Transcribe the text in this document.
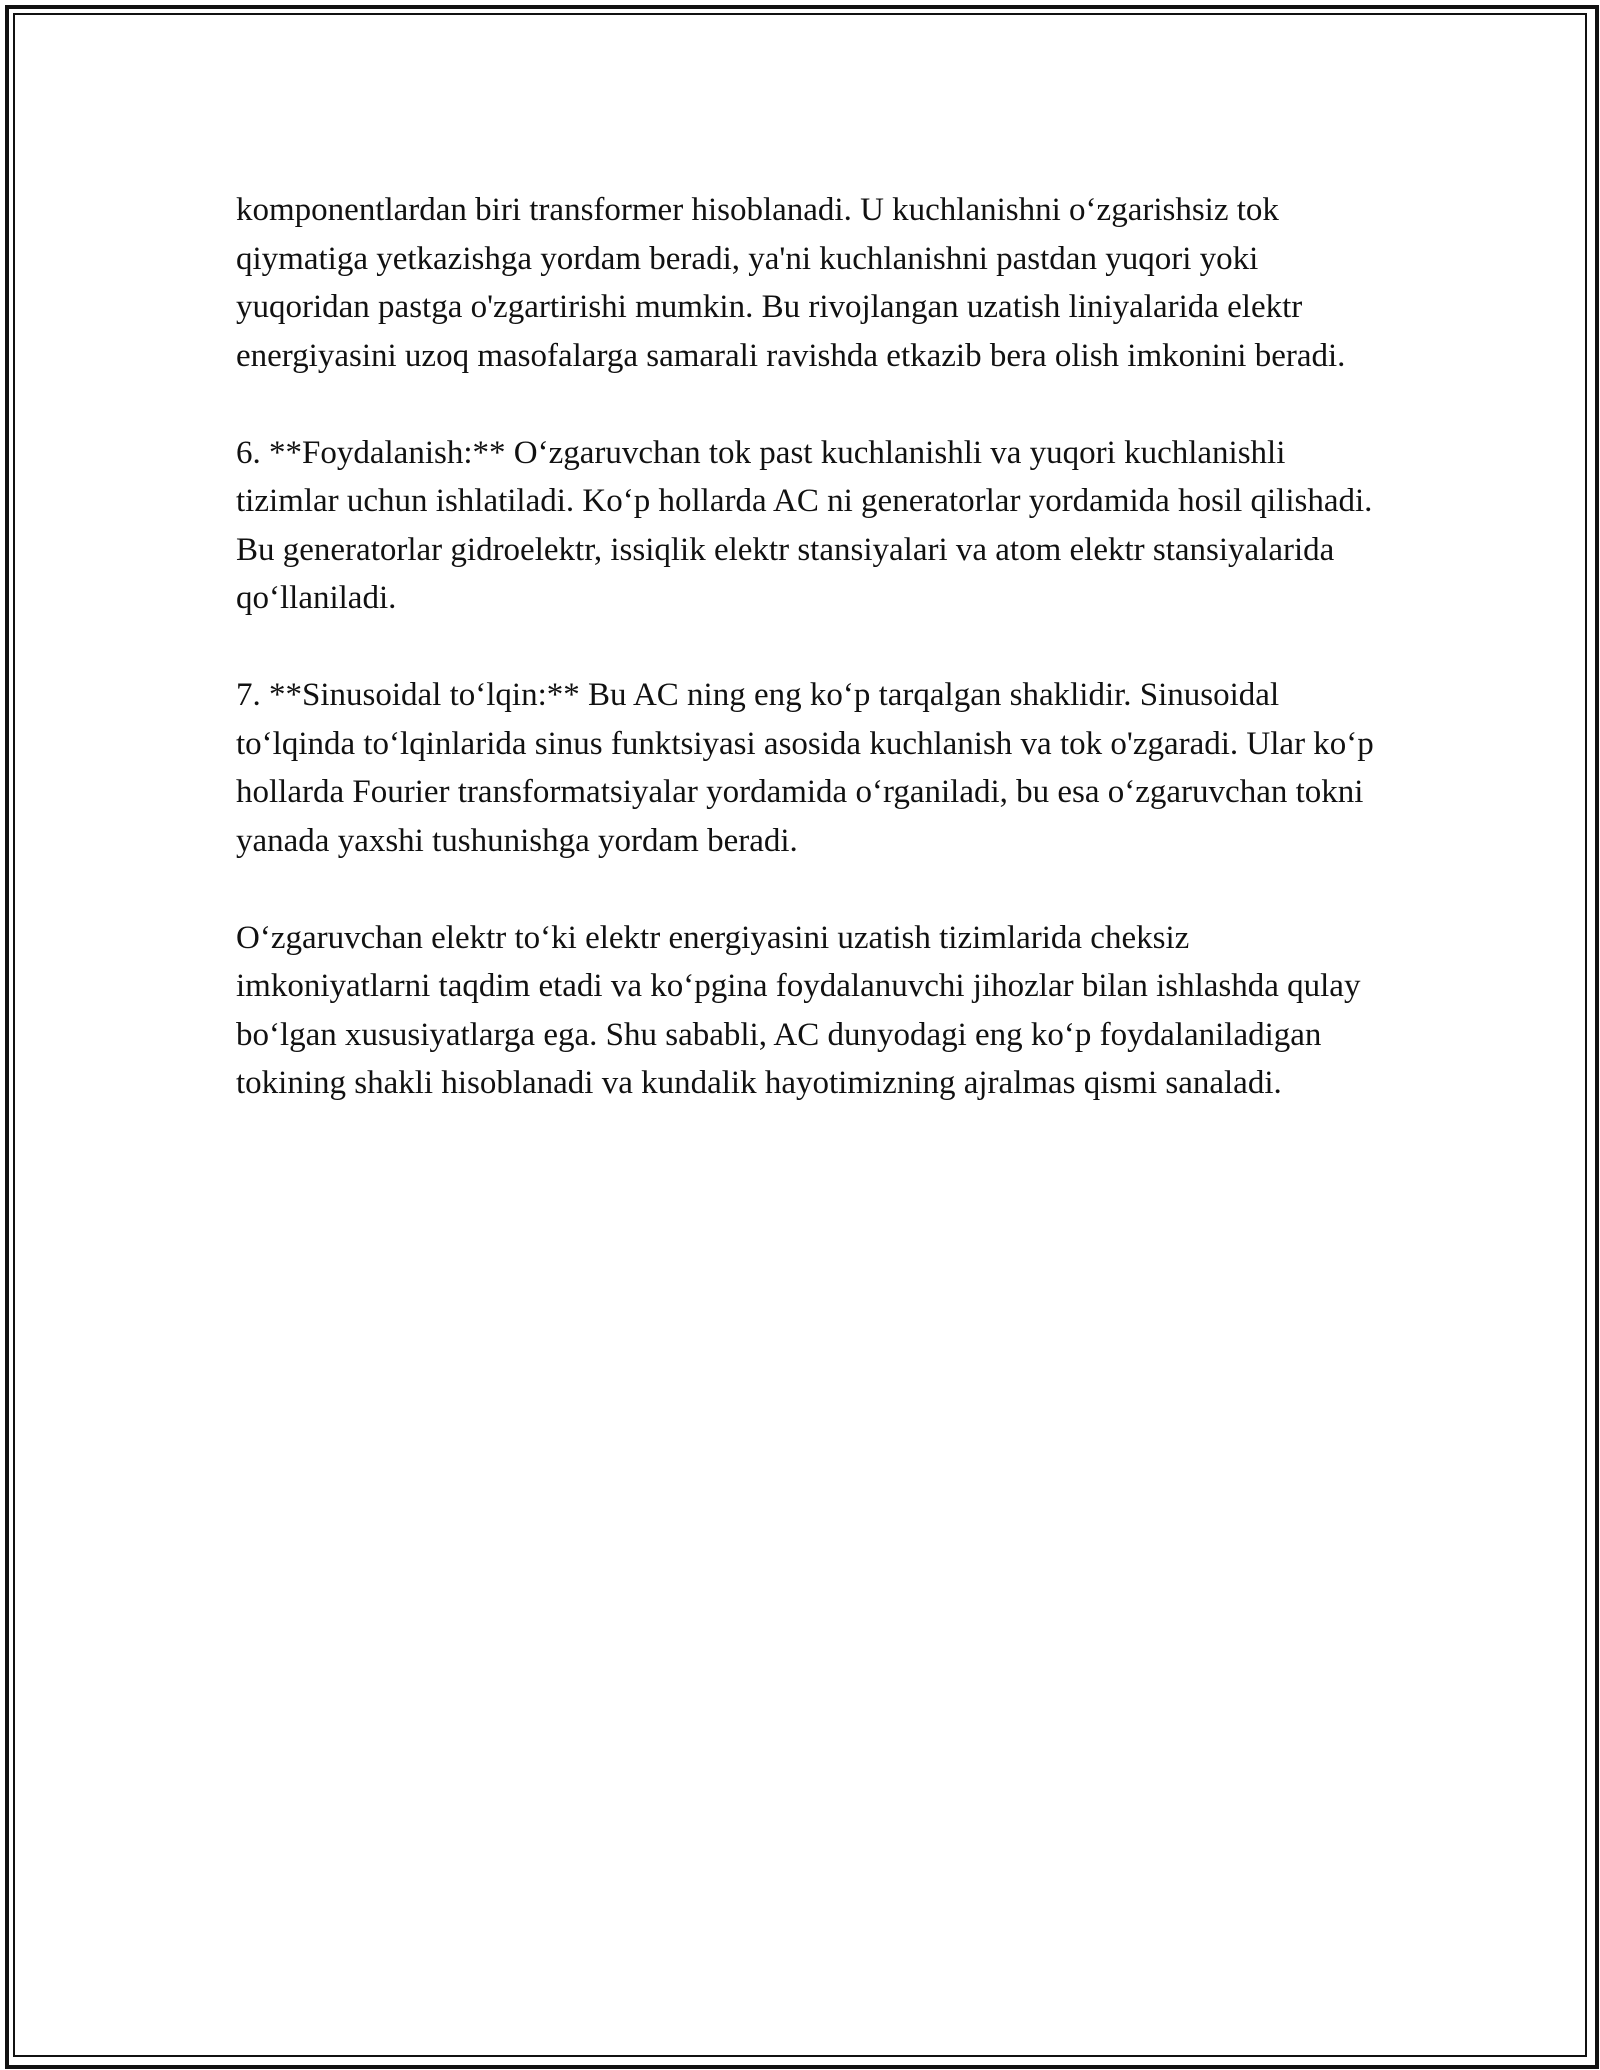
komponentlardan biri transformer hisoblanadi. U kuchlanishni o‘zgarishsiz tok qiymatiga yetkazishga yordam beradi, ya'ni kuchlanishni pastdan yuqori yoki yuqoridan pastga o'zgartirishi mumkin. Bu rivojlangan uzatish liniyalarida elektr energiyasini uzoq masofalarga samarali ravishda etkazib bera olish imkonini beradi.

6. **Foydalanish:** O‘zgaruvchan tok past kuchlanishli va yuqori kuchlanishli tizimlar uchun ishlatiladi. Ko‘p hollarda AC ni generatorlar yordamida hosil qilishadi. Bu generatorlar gidroelektr, issiqlik elektr stansiyalari va atom elektr stansiyalarida qo‘llaniladi.

7. **Sinusoidal to‘lqin:** Bu AC ning eng ko‘p tarqalgan shaklidir. Sinusoidal to‘lqinda to‘lqinlarida sinus funktsiyasi asosida kuchlanish va tok o'zgaradi. Ular ko‘p hollarda Fourier transformatsiyalar yordamida o‘rganiladi, bu esa o‘zgaruvchan tokni yanada yaxshi tushunishga yordam beradi.

O‘zgaruvchan elektr to‘ki elektr energiyasini uzatish tizimlarida cheksiz imkoniyatlarni taqdim etadi va ko‘pgina foydalanuvchi jihozlar bilan ishlashda qulay bo‘lgan xususiyatlarga ega. Shu sababli, AC dunyodagi eng ko‘p foydalaniladigan tokining shakli hisoblanadi va kundalik hayotimizning ajralmas qismi sanaladi.
